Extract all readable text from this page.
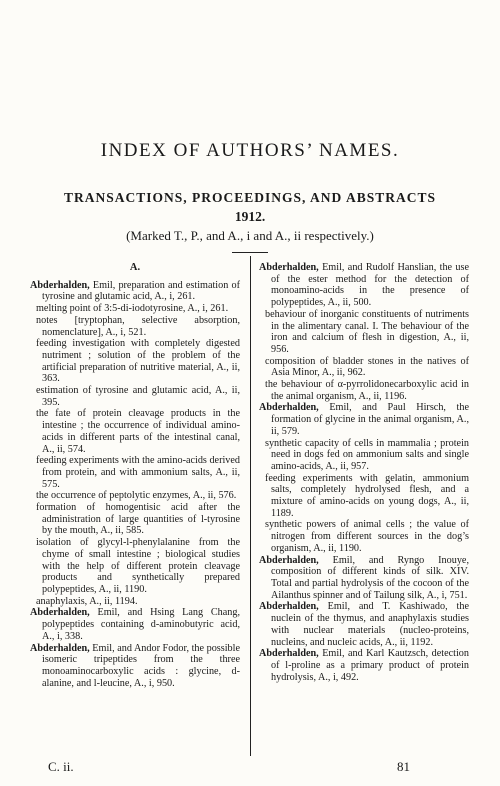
INDEX OF AUTHORS’ NAMES.
TRANSACTIONS, PROCEEDINGS, AND ABSTRACTS
1912.
(Marked T., P., and A., i and A., ii respectively.)
A.

Abderhalden, Emil, preparation and estimation of tyrosine and glutamic acid, A., i, 261.

melting point of 3:5-di-iodotyrosine, A., i, 261.

notes [tryptophan, selective absorption, nomenclature], A., i, 521.

feeding investigation with completely digested nutriment ; solution of the problem of the artificial preparation of nutritive material, A., ii, 363.

estimation of tyrosine and glutamic acid, A., ii, 395.

the fate of protein cleavage products in the intestine ; the occurrence of individual amino-acids in different parts of the intestinal canal, A., ii, 574.

feeding experiments with the amino-acids derived from protein, and with ammonium salts, A., ii, 575.

the occurrence of peptolytic enzymes, A., ii, 576.

formation of homogentisic acid after the administration of large quantities of l-tyrosine by the mouth, A., ii, 585.

isolation of glycyl-l-phenylalanine from the chyme of small intestine ; biological studies with the help of different protein cleavage products and synthetically prepared polypeptides, A., ii, 1190.

anaphylaxis, A., ii, 1194.

Abderhalden, Emil, and Hsing Lang Chang, polypeptides containing d-aminobutyric acid, A., i, 338.

Abderhalden, Emil, and Andor Fodor, the possible isomeric tripeptides from the three monoaminocarboxylic acids : glycine, d-alanine, and l-leucine, A., i, 950.

Abderhalden, Emil, and Rudolf Hanslian, the use of the ester method for the detection of monoamino-acids in the presence of polypeptides, A., ii, 500.

behaviour of inorganic constituents of nutriments in the alimentary canal. I. The behaviour of the iron and calcium of flesh in digestion, A., ii, 956.

composition of bladder stones in the natives of Asia Minor, A., ii, 962.

the behaviour of α-pyrrolidonecarboxylic acid in the animal organism, A., ii, 1196.

Abderhalden, Emil, and Paul Hirsch, the formation of glycine in the animal organism, A., ii, 579.

synthetic capacity of cells in mammalia ; protein need in dogs fed on ammonium salts and single amino-acids, A., ii, 957.

feeding experiments with gelatin, ammonium salts, completely hydrolysed flesh, and a mixture of amino-acids on young dogs, A., ii, 1189.

synthetic powers of animal cells ; the value of nitrogen from different sources in the dog’s organism, A., ii, 1190.

Abderhalden, Emil, and Ryngo Inouye, composition of different kinds of silk. XIV. Total and partial hydrolysis of the cocoon of the Ailanthus spinner and of Tailung silk, A., i, 751.

Abderhalden, Emil, and T. Kashiwado, the nuclein of the thymus, and anaphylaxis studies with nuclear materials (nucleo-proteins, nucleins, and nucleic acids, A., ii, 1192.

Abderhalden, Emil, and Karl Kautzsch, detection of l-proline as a primary product of protein hydrolysis, A., i, 492.

C. ii.	81
